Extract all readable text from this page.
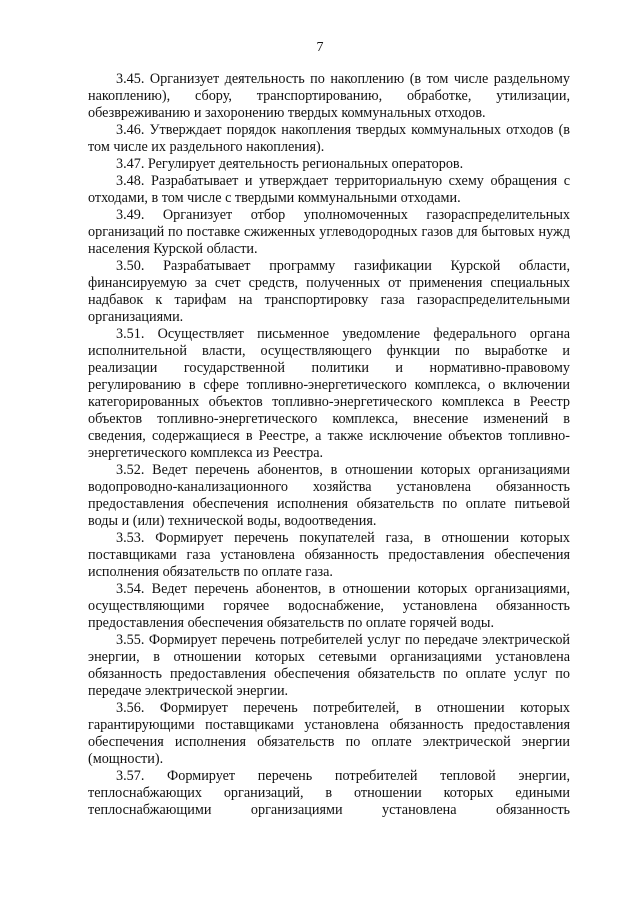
7

3.45. Организует деятельность по накоплению (в том числе раздельному накоплению), сбору, транспортированию, обработке, утилизации, обезвреживанию и захоронению твердых коммунальных отходов.

3.46. Утверждает порядок накопления твердых коммунальных отходов (в том числе их раздельного накопления).

3.47. Регулирует деятельность региональных операторов.

3.48. Разрабатывает и утверждает территориальную схему обращения с отходами, в том числе с твердыми коммунальными отходами.

3.49. Организует отбор уполномоченных газораспределительных организаций по поставке сжиженных углеводородных газов для бытовых нужд населения Курской области.

3.50. Разрабатывает программу газификации Курской области, финансируемую за счет средств, полученных от применения специальных надбавок к тарифам на транспортировку газа газораспределительными организациями.

3.51. Осуществляет письменное уведомление федерального органа исполнительной власти, осуществляющего функции по выработке и реализации государственной политики и нормативно-правовому регулированию в сфере топливно-энергетического комплекса, о включении категорированных объектов топливно-энергетического комплекса в Реестр объектов топливно-энергетического комплекса, внесение изменений в сведения, содержащиеся в Реестре, а также исключение объектов топливно-энергетического комплекса из Реестра.

3.52. Ведет перечень абонентов, в отношении которых организациями водопроводно-канализационного хозяйства установлена обязанность предоставления обеспечения исполнения обязательств по оплате питьевой воды и (или) технической воды, водоотведения.

3.53. Формирует перечень покупателей газа, в отношении которых поставщиками газа установлена обязанность предоставления обеспечения исполнения обязательств по оплате газа.

3.54. Ведет перечень абонентов, в отношении которых организациями, осуществляющими горячее водоснабжение, установлена обязанность предоставления обеспечения обязательств по оплате горячей воды.

3.55. Формирует перечень потребителей услуг по передаче электрической энергии, в отношении которых сетевыми организациями установлена обязанность предоставления обеспечения обязательств по оплате услуг по передаче электрической энергии.

3.56. Формирует перечень потребителей, в отношении которых гарантирующими поставщиками установлена обязанность предоставления обеспечения исполнения обязательств по оплате электрической энергии (мощности).

3.57. Формирует перечень потребителей тепловой энергии, теплоснабжающих организаций, в отношении которых едиными теплоснабжающими организациями установлена обязанность
